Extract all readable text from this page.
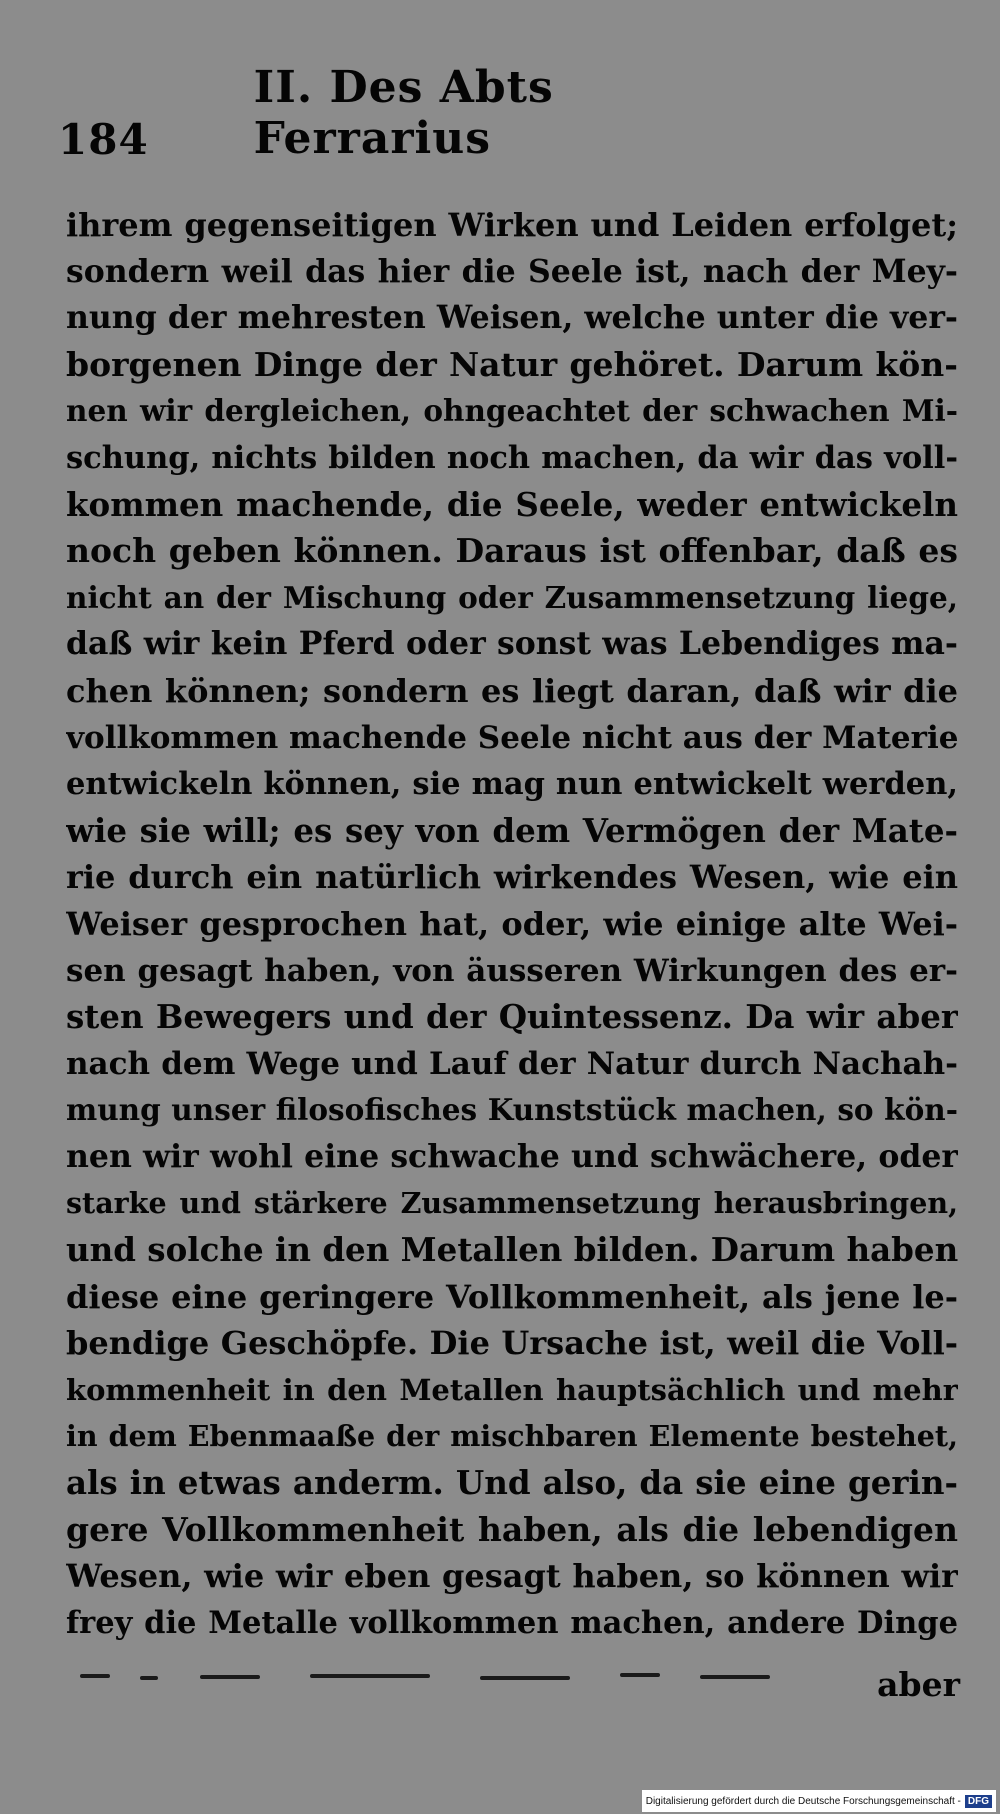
184
II. Des Abts Ferrarius
ihrem gegenseitigen Wirken und Leiden erfolget;
sondern weil das hier die Seele ist, nach der Mey-
nung der mehresten Weisen, welche unter die ver-
borgenen Dinge der Natur gehöret. Darum kön-
nen wir dergleichen, ohngeachtet der schwachen Mi-
schung, nichts bilden noch machen, da wir das voll-
kommen machende, die Seele, weder entwickeln
noch geben können. Daraus ist offenbar, daß es
nicht an der Mischung oder Zusammensetzung liege,
daß wir kein Pferd oder sonst was Lebendiges ma-
chen können; sondern es liegt daran, daß wir die
vollkommen machende Seele nicht aus der Materie
entwickeln können, sie mag nun entwickelt werden,
wie sie will; es sey von dem Vermögen der Mate-
rie durch ein natürlich wirkendes Wesen, wie ein
Weiser gesprochen hat, oder, wie einige alte Wei-
sen gesagt haben, von äusseren Wirkungen des er-
sten Bewegers und der Quintessenz. Da wir aber
nach dem Wege und Lauf der Natur durch Nachah-
mung unser filosofisches Kunststück machen, so kön-
nen wir wohl eine schwache und schwächere, oder
starke und stärkere Zusammensetzung herausbringen,
und solche in den Metallen bilden. Darum haben
diese eine geringere Vollkommenheit, als jene le-
bendige Geschöpfe. Die Ursache ist, weil die Voll-
kommenheit in den Metallen hauptsächlich und mehr
in dem Ebenmaaße der mischbaren Elemente bestehet,
als in etwas anderm. Und also, da sie eine gerin-
gere Vollkommenheit haben, als die lebendigen
Wesen, wie wir eben gesagt haben, so können wir
frey die Metalle vollkommen machen, andere Dinge
aber
Digitalisierung gefördert durch die Deutsche Forschungsgemeinschaft - DFG
